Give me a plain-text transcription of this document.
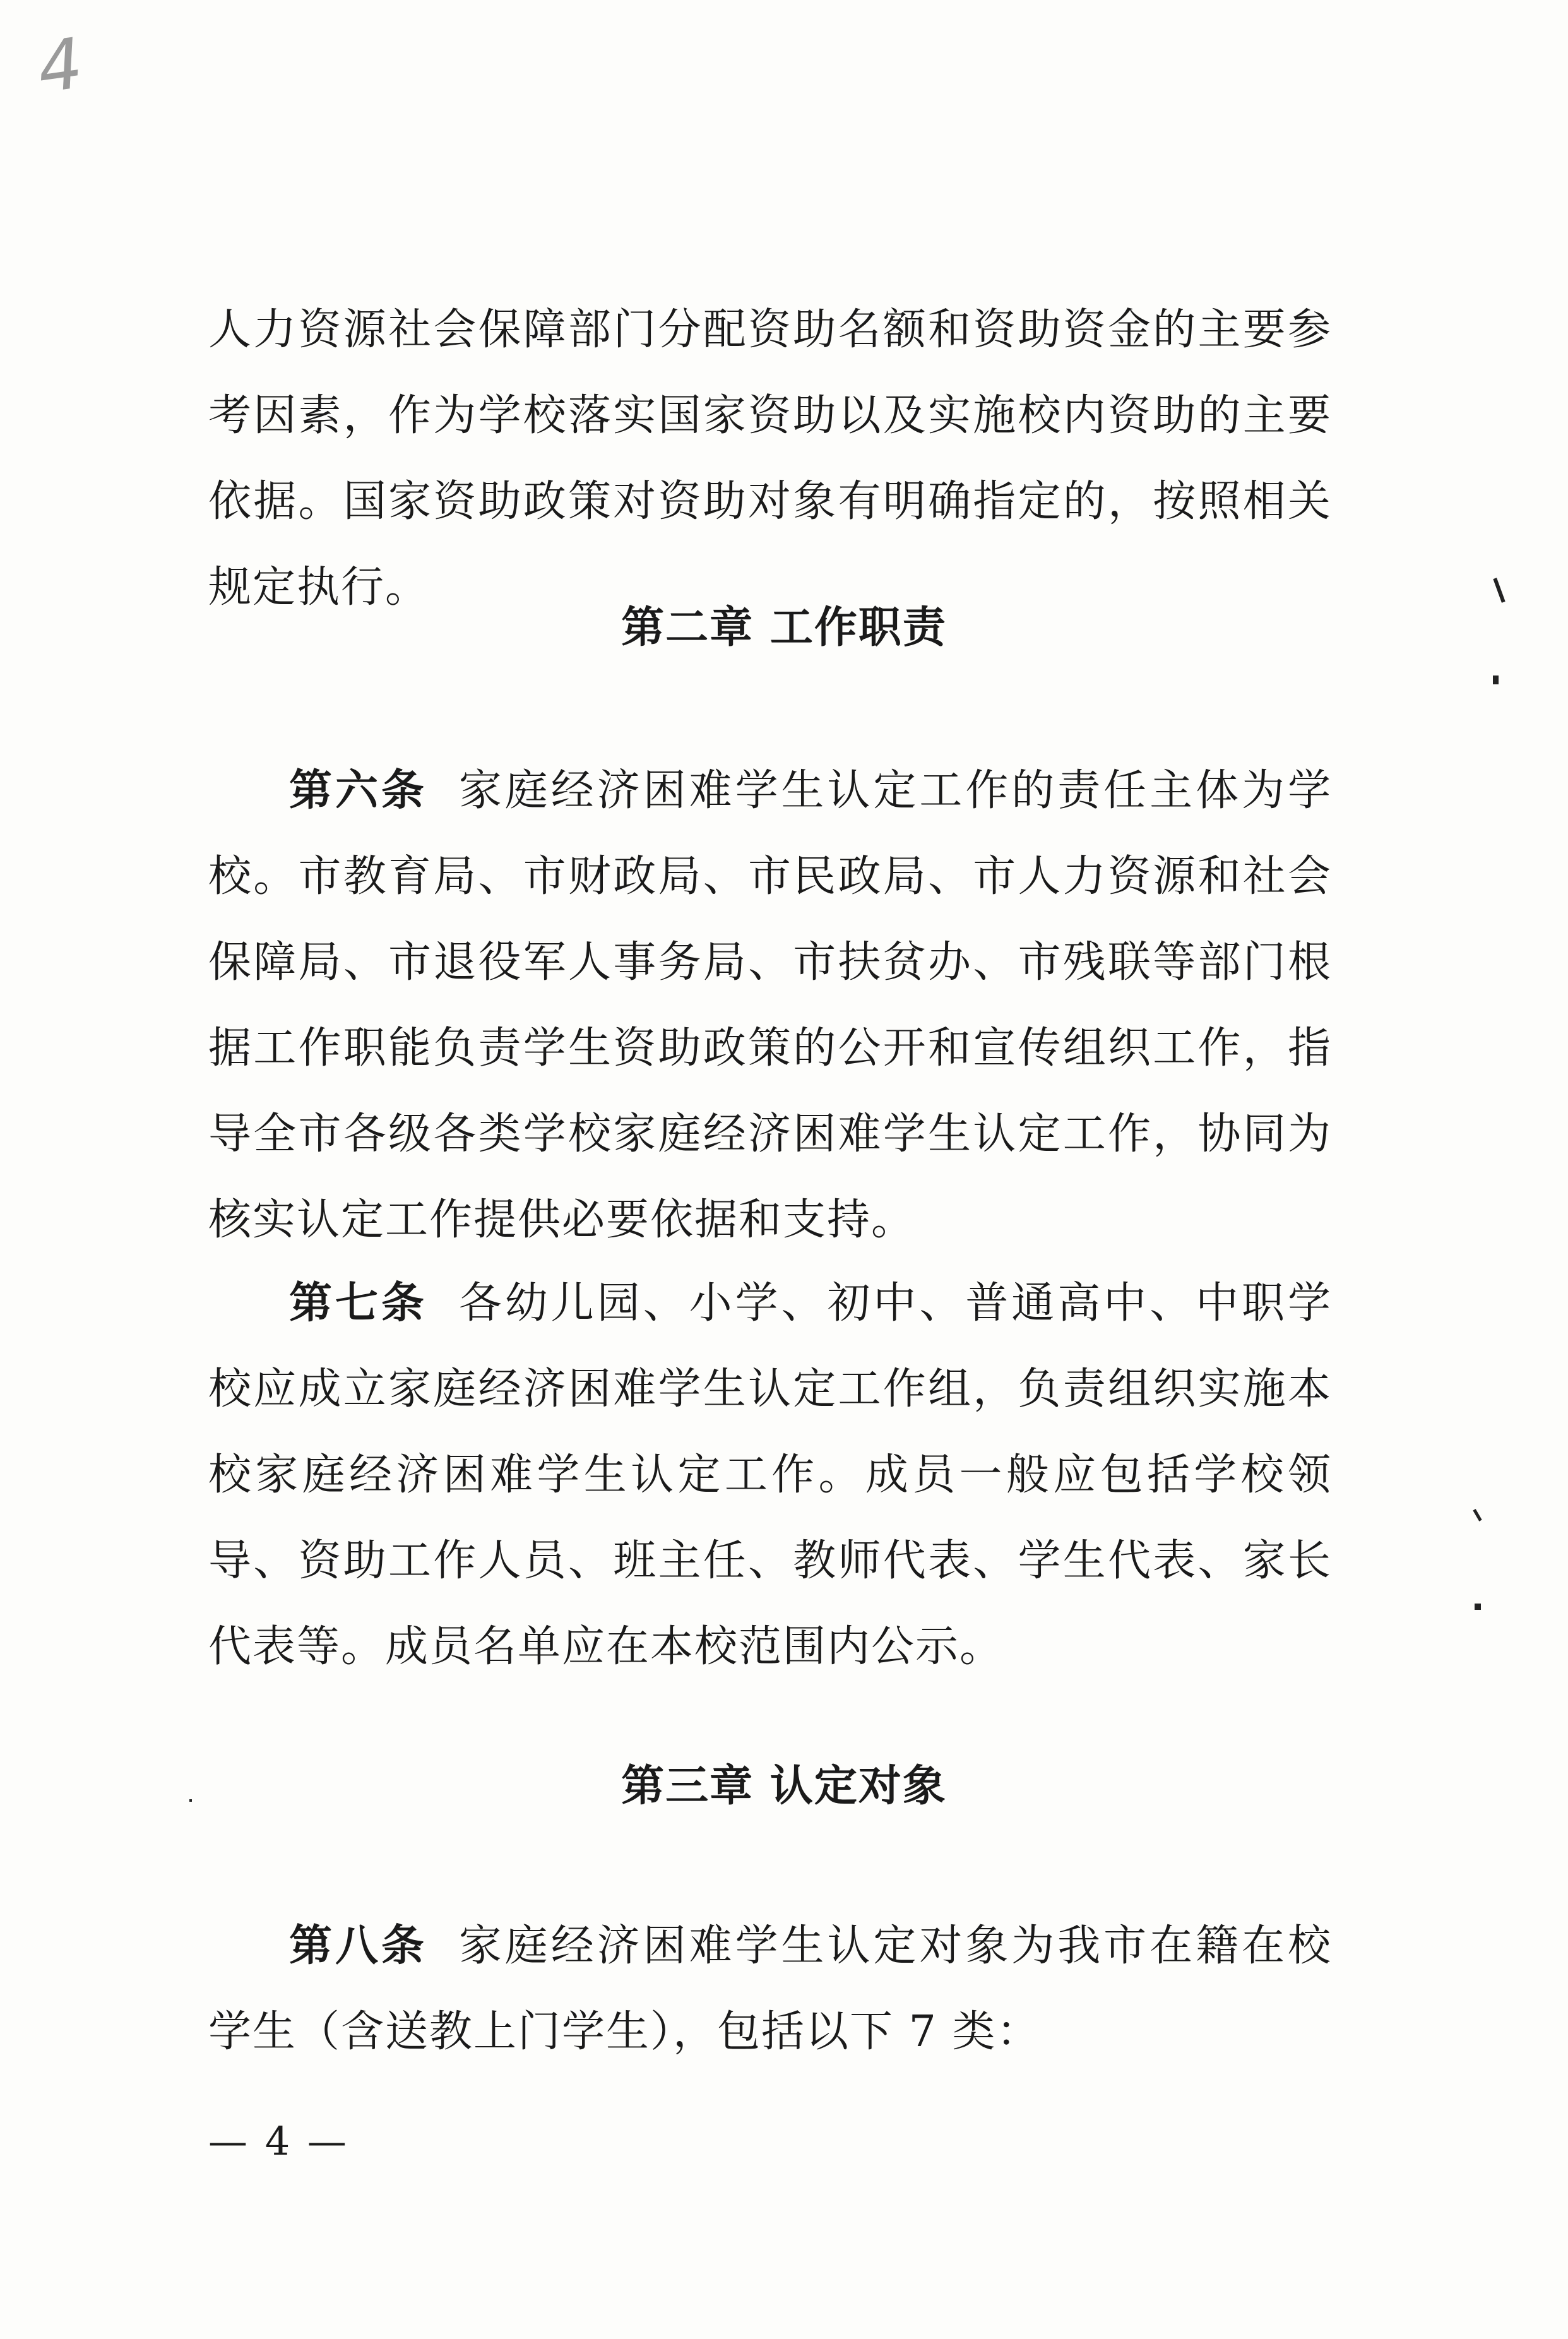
4
人力资源社会保障部门分配资助名额和资助资金的主要参考因素，作为学校落实国家资助以及实施校内资助的主要依据。国家资助政策对资助对象有明确指定的，按照相关规定执行。
第二章 工作职责
第六条 家庭经济困难学生认定工作的责任主体为学校。市教育局、市财政局、市民政局、市人力资源和社会保障局、市退役军人事务局、市扶贫办、市残联等部门根据工作职能负责学生资助政策的公开和宣传组织工作，指导全市各级各类学校家庭经济困难学生认定工作，协同为核实认定工作提供必要依据和支持。
第七条 各幼儿园、小学、初中、普通高中、中职学校应成立家庭经济困难学生认定工作组，负责组织实施本校家庭经济困难学生认定工作。成员一般应包括学校领导、资助工作人员、班主任、教师代表、学生代表、家长代表等。成员名单应在本校范围内公示。
第三章 认定对象
第八条 家庭经济困难学生认定对象为我市在籍在校学生（含送教上门学生），包括以下 7 类：
— 4 —
